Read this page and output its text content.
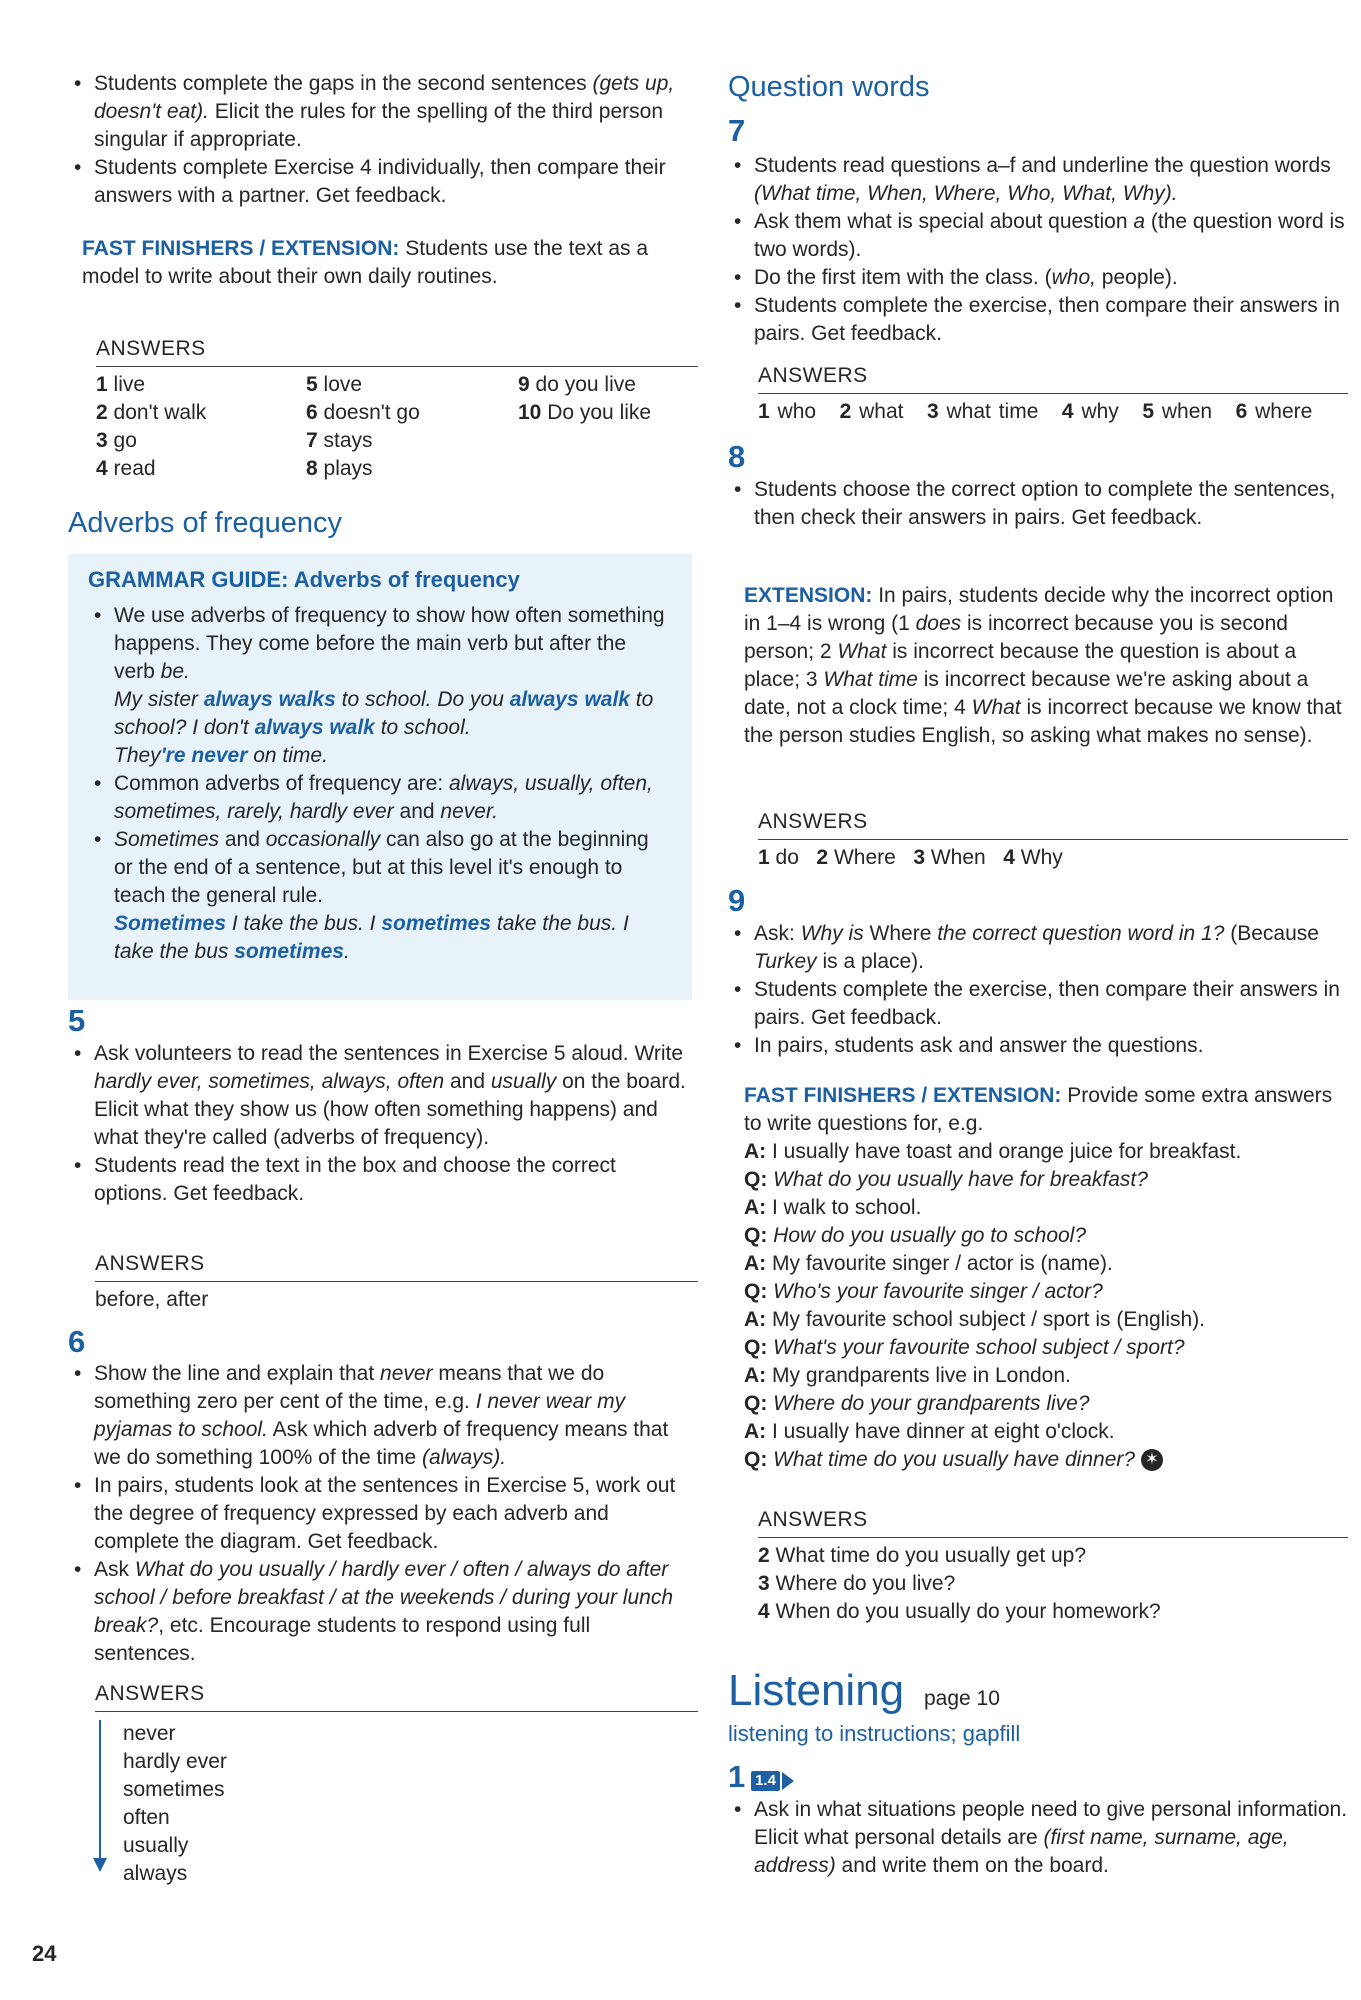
• Students complete the gaps in the second sentences (gets up, doesn't eat). Elicit the rules for the spelling of the third person singular if appropriate.
• Students complete Exercise 4 individually, then compare their answers with a partner. Get feedback.
FAST FINISHERS / EXTENSION: Students use the text as a model to write about their own daily routines.
ANSWERS
1 live
2 don't walk
3 go
4 read
5 love
6 doesn't go
7 stays
8 plays
9 do you live
10 Do you like
Adverbs of frequency
GRAMMAR GUIDE: Adverbs of frequency
• We use adverbs of frequency to show how often something happens. They come before the main verb but after the verb be.
My sister always walks to school. Do you always walk to school? I don't always walk to school.
They're never on time.
• Common adverbs of frequency are: always, usually, often, sometimes, rarely, hardly ever and never.
• Sometimes and occasionally can also go at the beginning or the end of a sentence, but at this level it's enough to teach the general rule.
Sometimes I take the bus. I sometimes take the bus. I take the bus sometimes.
5
• Ask volunteers to read the sentences in Exercise 5 aloud. Write hardly ever, sometimes, always, often and usually on the board. Elicit what they show us (how often something happens) and what they're called (adverbs of frequency).
• Students read the text in the box and choose the correct options. Get feedback.
ANSWERS
before, after
6
• Show the line and explain that never means that we do something zero per cent of the time, e.g. I never wear my pyjamas to school. Ask which adverb of frequency means that we do something 100% of the time (always).
• In pairs, students look at the sentences in Exercise 5, work out the degree of frequency expressed by each adverb and complete the diagram. Get feedback.
• Ask What do you usually / hardly ever / often / always do after school / before breakfast / at the weekends / during your lunch break?, etc. Encourage students to respond using full sentences.
ANSWERS
never
hardly ever
sometimes
often
usually
always
24
Question words
7
• Students read questions a–f and underline the question words (What time, When, Where, Who, What, Why).
• Ask them what is special about question a (the question word is two words).
• Do the first item with the class. (who, people).
• Students complete the exercise, then compare their answers in pairs. Get feedback.
ANSWERS
1 who 2 what 3 what time 4 why 5 when 6 where
8
• Students choose the correct option to complete the sentences, then check their answers in pairs. Get feedback.
EXTENSION: In pairs, students decide why the incorrect option in 1–4 is wrong (1 does is incorrect because you is second person; 2 What is incorrect because the question is about a place; 3 What time is incorrect because we're asking about a date, not a clock time; 4 What is incorrect because we know that the person studies English, so asking what makes no sense).
ANSWERS
1 do 2 Where 3 When 4 Why
9
• Ask: Why is Where the correct question word in 1? (Because Turkey is a place).
• Students complete the exercise, then compare their answers in pairs. Get feedback.
• In pairs, students ask and answer the questions.
FAST FINISHERS / EXTENSION: Provide some extra answers to write questions for, e.g.
A: I usually have toast and orange juice for breakfast.
Q: What do you usually have for breakfast?
A: I walk to school.
Q: How do you usually go to school?
A: My favourite singer / actor is (name).
Q: Who's your favourite singer / actor?
A: My favourite school subject / sport is (English).
Q: What's your favourite school subject / sport?
A: My grandparents live in London.
Q: Where do your grandparents live?
A: I usually have dinner at eight o'clock.
Q: What time do you usually have dinner? ✶
ANSWERS
2 What time do you usually get up?
3 Where do you live?
4 When do you usually do your homework?
Listening page 10
listening to instructions; gapfill
1 1.4
• Ask in what situations people need to give personal information. Elicit what personal details are (first name, surname, age, address) and write them on the board.
